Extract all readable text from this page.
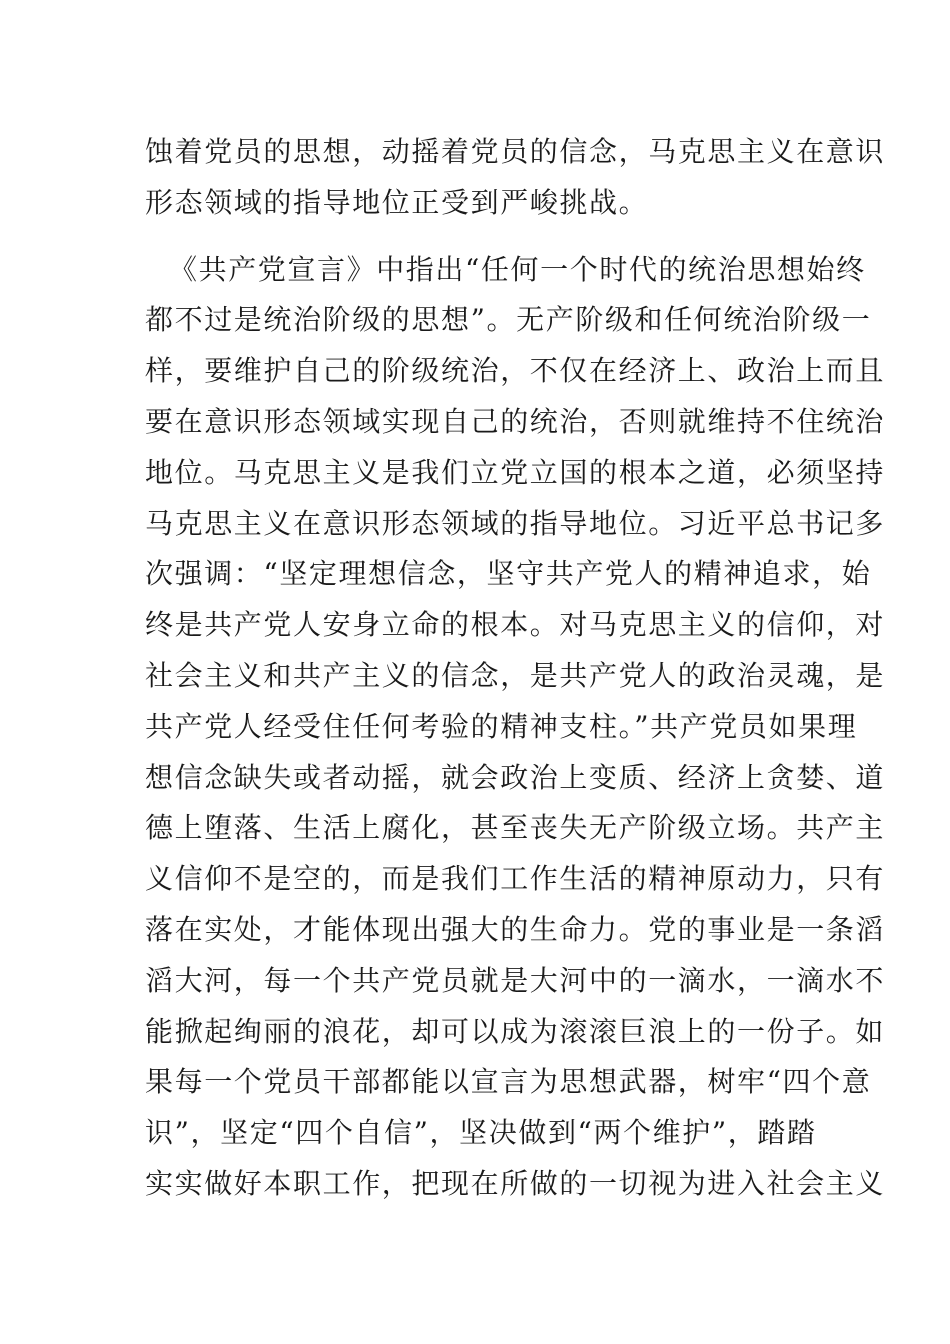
蚀着党员的思想，动摇着党员的信念，马克思主义在意识
形态领域的指导地位正受到严峻挑战。
《共产党宣言》中指出“任何一个时代的统治思想始终
都不过是统治阶级的思想”。无产阶级和任何统治阶级一
样，要维护自己的阶级统治，不仅在经济上、政治上而且
要在意识形态领域实现自己的统治，否则就维持不住统治
地位。马克思主义是我们立党立国的根本之道，必须坚持
马克思主义在意识形态领域的指导地位。习近平总书记多
次强调：“坚定理想信念，坚守共产党人的精神追求，始
终是共产党人安身立命的根本。对马克思主义的信仰，对
社会主义和共产主义的信念，是共产党人的政治灵魂，是
共产党人经受住任何考验的精神支柱。”共产党员如果理
想信念缺失或者动摇，就会政治上变质、经济上贪婪、道
德上堕落、生活上腐化，甚至丧失无产阶级立场。共产主
义信仰不是空的，而是我们工作生活的精神原动力，只有
落在实处，才能体现出强大的生命力。党的事业是一条滔
滔大河，每一个共产党员就是大河中的一滴水，一滴水不
能掀起绚丽的浪花，却可以成为滚滚巨浪上的一份子。如
果每一个党员干部都能以宣言为思想武器，树牢“四个意
识”，坚定“四个自信”，坚决做到“两个维护”，踏踏
实实做好本职工作，把现在所做的一切视为进入社会主义
